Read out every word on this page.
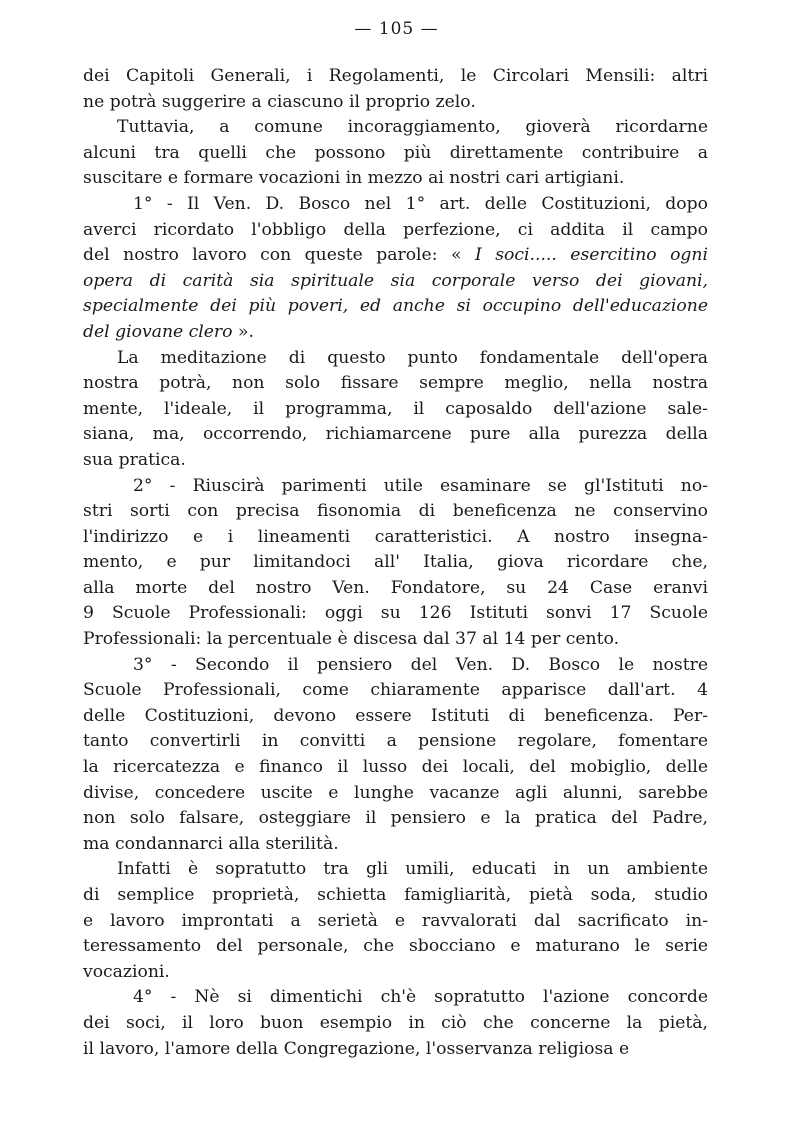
— 105 —
dei Capitoli Generali, i Regolamenti, le Circolari Mensili: altri
ne potrà suggerire a ciascuno il proprio zelo.
Tuttavia, a comune incoraggiamento, gioverà ricordarne
alcuni tra quelli che possono più direttamente contribuire a
suscitare e formare vocazioni in mezzo ai nostri cari artigiani.
1° - Il Ven. D. Bosco nel 1° art. delle Costituzioni, dopo
averci ricordato l'obbligo della perfezione, ci addita il campo
del nostro lavoro con queste parole: « I soci..... esercitino ogni
opera di carità sia spirituale sia corporale verso dei giovani,
specialmente dei più poveri, ed anche si occupino dell'educazione
del giovane clero ».
La meditazione di questo punto fondamentale dell'opera
nostra potrà, non solo fissare sempre meglio, nella nostra
mente, l'ideale, il programma, il caposaldo dell'azione sale-
siana, ma, occorrendo, richiamarcene pure alla purezza della
sua pratica.
2° - Riuscirà parimenti utile esaminare se gl'Istituti no-
stri sorti con precisa fisonomia di beneficenza ne conservino
l'indirizzo e i lineamenti caratteristici. A nostro insegna-
mento, e pur limitandoci all' Italia, giova ricordare che,
alla morte del nostro Ven. Fondatore, su 24 Case eranvi
9 Scuole Professionali: oggi su 126 Istituti sonvi 17 Scuole
Professionali: la percentuale è discesa dal 37 al 14 per cento.
3° - Secondo il pensiero del Ven. D. Bosco le nostre
Scuole Professionali, come chiaramente apparisce dall'art. 4
delle Costituzioni, devono essere Istituti di beneficenza. Per-
tanto convertirli in convitti a pensione regolare, fomentare
la ricercatezza e financo il lusso dei locali, del mobiglio, delle
divise, concedere uscite e lunghe vacanze agli alunni, sarebbe
non solo falsare, osteggiare il pensiero e la pratica del Padre,
ma condannarci alla sterilità.
Infatti è sopratutto tra gli umili, educati in un ambiente
di semplice proprietà, schietta famigliarità, pietà soda, studio
e lavoro improntati a serietà e ravvalorati dal sacrificato in-
teressamento del personale, che sbocciano e maturano le serie
vocazioni.
4° - Nè si dimentichi ch'è sopratutto l'azione concorde
dei soci, il loro buon esempio in ciò che concerne la pietà,
il lavoro, l'amore della Congregazione, l'osservanza religiosa e
